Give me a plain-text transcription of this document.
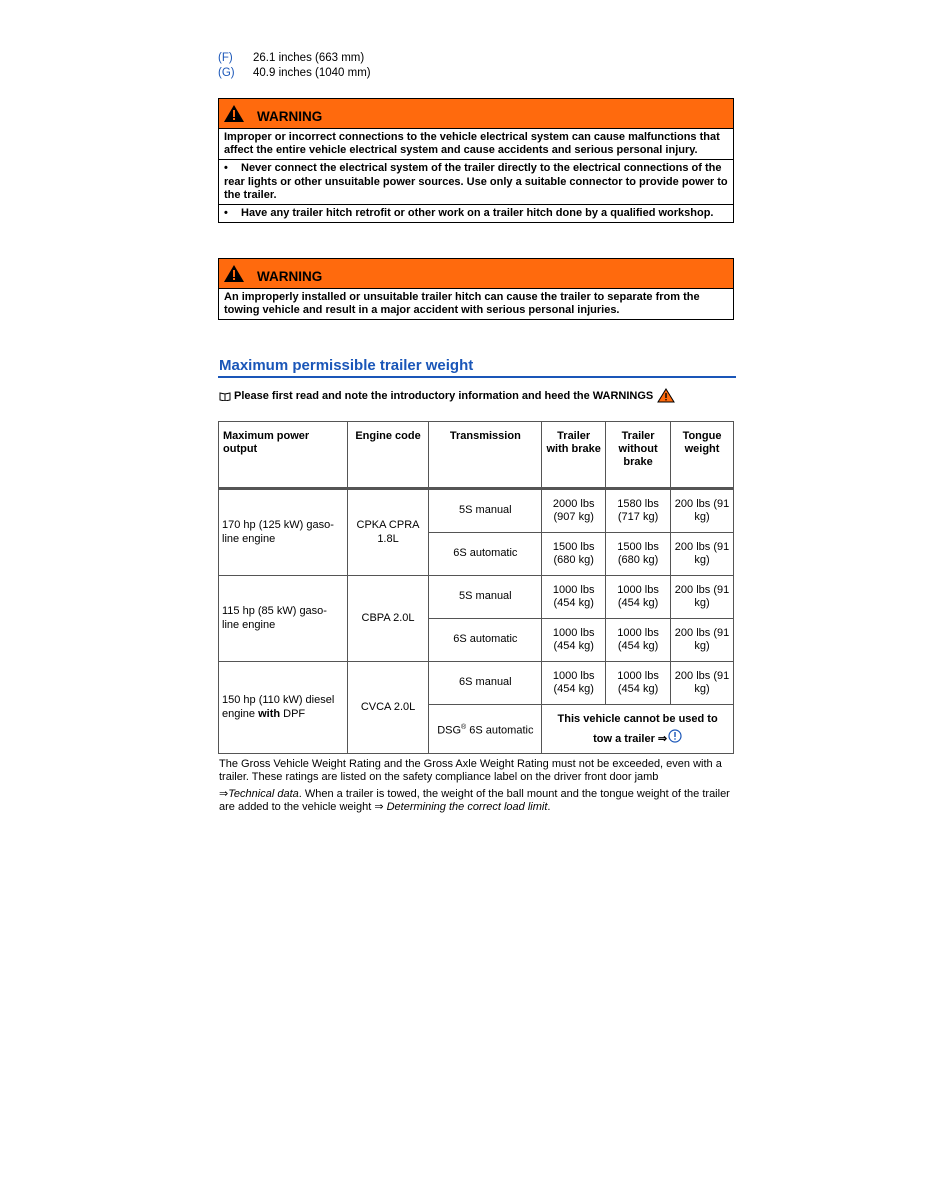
(F)	26.1 inches (663 mm)
(G)	40.9 inches (1040 mm)
WARNING

Improper or incorrect connections to the vehicle electrical system can cause malfunctions that affect the entire vehicle electrical system and cause accidents and serious personal injury.

• Never connect the electrical system of the trailer directly to the electrical connections of the rear lights or other unsuitable power sources. Use only a suitable connector to provide power to the trailer.

• Have any trailer hitch retrofit or other work on a trailer hitch done by a qualified workshop.

WARNING

An improperly installed or unsuitable trailer hitch can cause the trailer to separate from the towing vehicle and result in a major accident with serious personal injuries.

Maximum permissible trailer weight
Please first read and note the introductory information and heed the WARNINGS
Maximum power output	Engine code	Transmission	Trailer with brake	Trailer without brake	Tongue weight

170 hp (125 kW) gaso-line engine	CPKA CPRA 1.8L	5S manual	2000 lbs (907 kg)	1580 lbs (717 kg)	200 lbs (91 kg)
		6S automatic	1500 lbs (680 kg)	1500 lbs (680 kg)	200 lbs (91 kg)
115 hp (85 kW) gaso-line engine	CBPA 2.0L	5S manual	1000 lbs (454 kg)	1000 lbs (454 kg)	200 lbs (91 kg)
		6S automatic	1000 lbs (454 kg)	1000 lbs (454 kg)	200 lbs (91 kg)
150 hp (110 kW) diesel engine with DPF	CVCA 2.0L	6S manual	1000 lbs (454 kg)	1000 lbs (454 kg)	200 lbs (91 kg)
		DSG® 6S automatic	This vehicle cannot be used to tow a trailer ⇒		

The Gross Vehicle Weight Rating and the Gross Axle Weight Rating must not be exceeded, even with a trailer. These ratings are listed on the safety compliance label on the driver front door jamb

⇒Technical data. When a trailer is towed, the weight of the ball mount and the tongue weight of the trailer are added to the vehicle weight ⇒ Determining the correct load limit.
